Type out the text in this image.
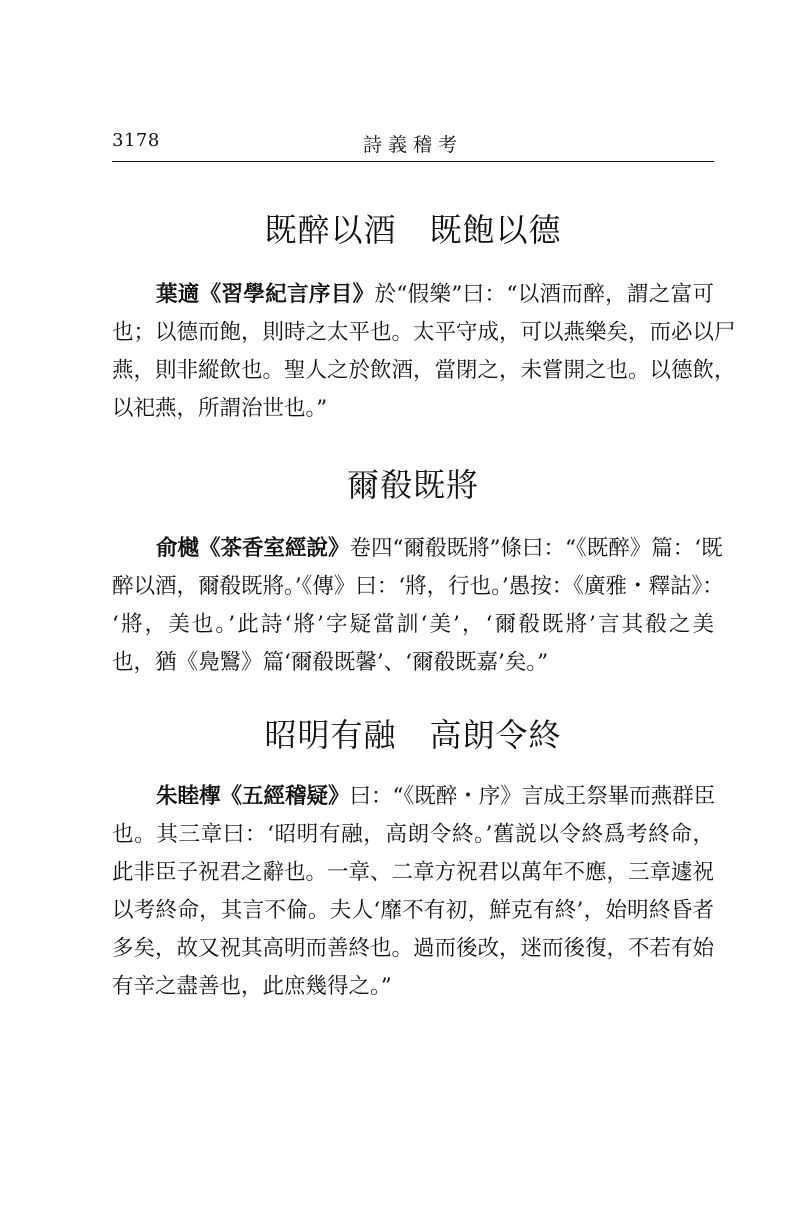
3178	詩義稽考
既醉以酒　既飽以德
葉適《習學紀言序目》於“假樂”曰：“以酒而醉，謂之富可
也；以德而飽，則時之太平也。太平守成，可以燕樂矣，而必以尸
燕，則非縱飲也。聖人之於飲酒，當閉之，未嘗開之也。以德飲，
以祀燕，所謂治世也。”
爾殽既將
俞樾《茶香室經說》卷四“爾殽既將”條曰：“《既醉》篇：‘既
醉以酒，爾殽既將。’《傳》曰：‘將，行也。’愚按：《廣雅・釋詁》：
‘將，美也。’此詩‘將’字疑當訓‘美’，‘爾殽既將’言其殽之美
也，猶《鳧鷖》篇‘爾殽既馨’、‘爾殽既嘉’矣。”
昭明有融　高朗令終
朱睦㮮《五經稽疑》曰：“《既醉・序》言成王祭畢而燕群臣
也。其三章曰：‘昭明有融，高朗令終。’舊説以令終爲考終命，
此非臣子祝君之辭也。一章、二章方祝君以萬年不應，三章遽祝
以考終命，其言不倫。夫人‘靡不有初，鮮克有終’，始明終昏者
多矣，故又祝其高明而善終也。過而後改，迷而後復，不若有始
有辛之盡善也，此庶幾得之。”
